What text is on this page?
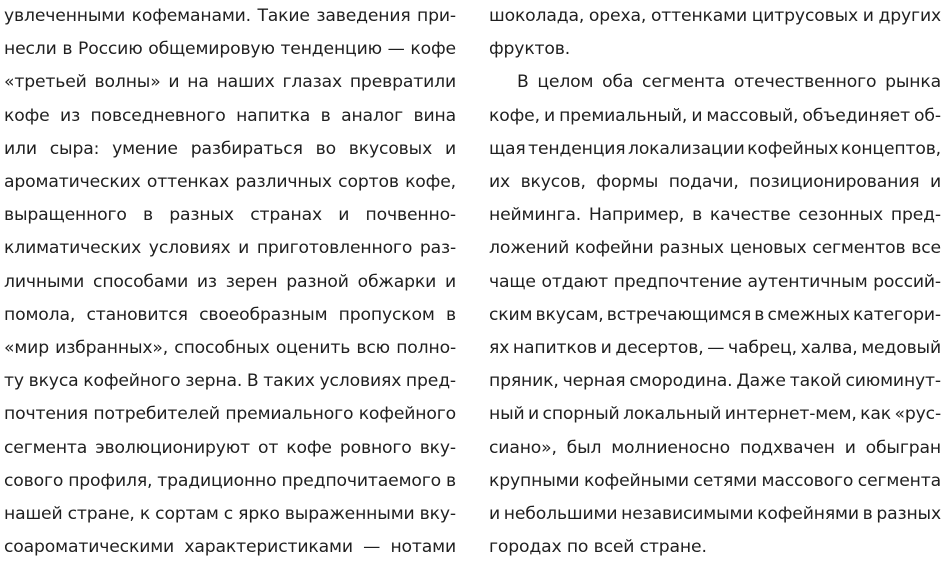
увлеченными кофеманами. Такие заведения при-
несли в Россию общемировую тенденцию — кофе
«третьей волны» и на наших глазах превратили
кофе из повседневного напитка в аналог вина
или сыра: умение разбираться во вкусовых и
ароматических оттенках различных сортов кофе,
выращенного в разных странах и почвенно-
климатических условиях и приготовленного раз-
личными способами из зерен разной обжарки и
помола, становится своеобразным пропуском в
«мир избранных», способных оценить всю полно-
ту вкуса кофейного зерна. В таких условиях пред-
почтения потребителей премиального кофейного
сегмента эволюционируют от кофе ровного вку-
сового профиля, традиционно предпочитаемого в
нашей стране, к сортам с ярко выраженными вку-
соароматическими характеристиками — нотами
шоколада, ореха, оттенками цитрусовых и других
фруктов.
В целом оба сегмента отечественного рынка
кофе, и премиальный, и массовый, объединяет об-
щая тенденция локализации кофейных концептов,
их вкусов, формы подачи, позиционирования и
нейминга. Например, в качестве сезонных пред-
ложений кофейни разных ценовых сегментов все
чаще отдают предпочтение аутентичным россий-
ским вкусам, встречающимся в смежных категори-
ях напитков и десертов, — чабрец, халва, медовый
пряник, черная смородина. Даже такой сиюминут-
ный и спорный локальный интернет-мем, как «рус-
сиано», был молниеносно подхвачен и обыгран
крупными кофейными сетями массового сегмента
и небольшими независимыми кофейнями в разных
городах по всей стране.
